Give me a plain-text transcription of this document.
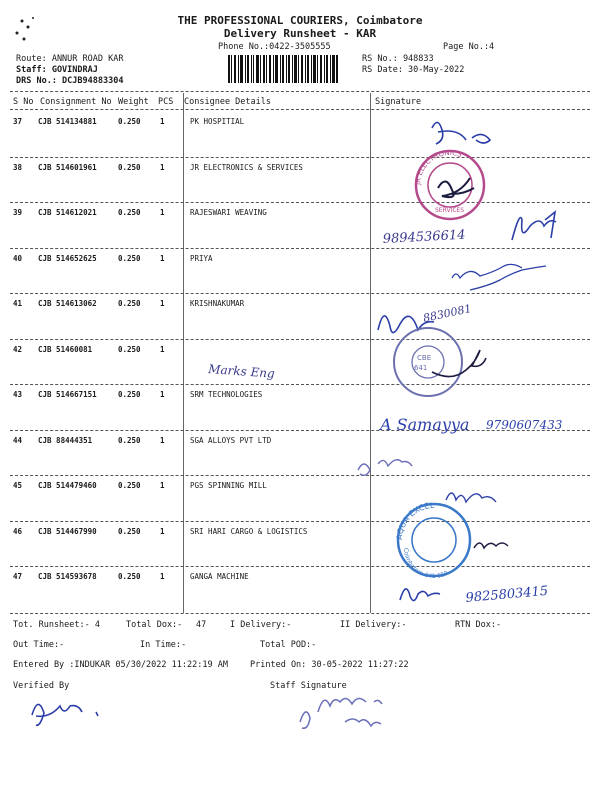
THE PROFESSIONAL COURIERS, Coimbatore
Delivery Runsheet - KAR
Phone No.:0422-3505555	Page No.:4
Route: ANNUR ROAD KAR
Staff: GOVINDRAJ
DRS No.: DCJB94883304
RS No.: 948833
RS Date: 30-May-2022
S No Consignment No Weight PCS Consignee Details	Signature
37 CJB 514134881	0.250	1	PK HOSPITIAL
38 CJB 514601961	0.250	1	JR ELECTRONICS & SERVICES
39 CJB 514612021	0.250	1	RAJESWARI WEAVING
40 CJB 514652625	0.250	1	PRIYA
41 CJB 514613062	0.250	1	KRISHNAKUMAR
42 CJB 51460081	0.250	1
43 CJB 514667151	0.250	1	SRM TECHNOLOGIES
44 CJB 88444351	0.250	1	SGA ALLOYS PVT LTD
45 CJB 514479460	0.250	1	PGS SPINNING MILL
46 CJB 514467990	0.250	1	SRI HARI CARGO & LOGISTICS
47 CJB 514593678	0.250	1	GANGA MACHINE
JR ELECTRONICS
SERVICES
9894536614
8830081
Marks Eng
CBE
641
A Samayya 9790607433
AQUA EXCEL
Coimbatore-641 659
9825803415
Tot. Runsheet:- 4	Total Dox:- 47	I Delivery:-	II Delivery:-	RTN Dox:-
Out Time:-	In Time:-	Total POD:-
Entered By :INDUKAR 05/30/2022 11:22:19 AM	Printed On: 30-05-2022 11:27:22
Verified By	Staff Signature
